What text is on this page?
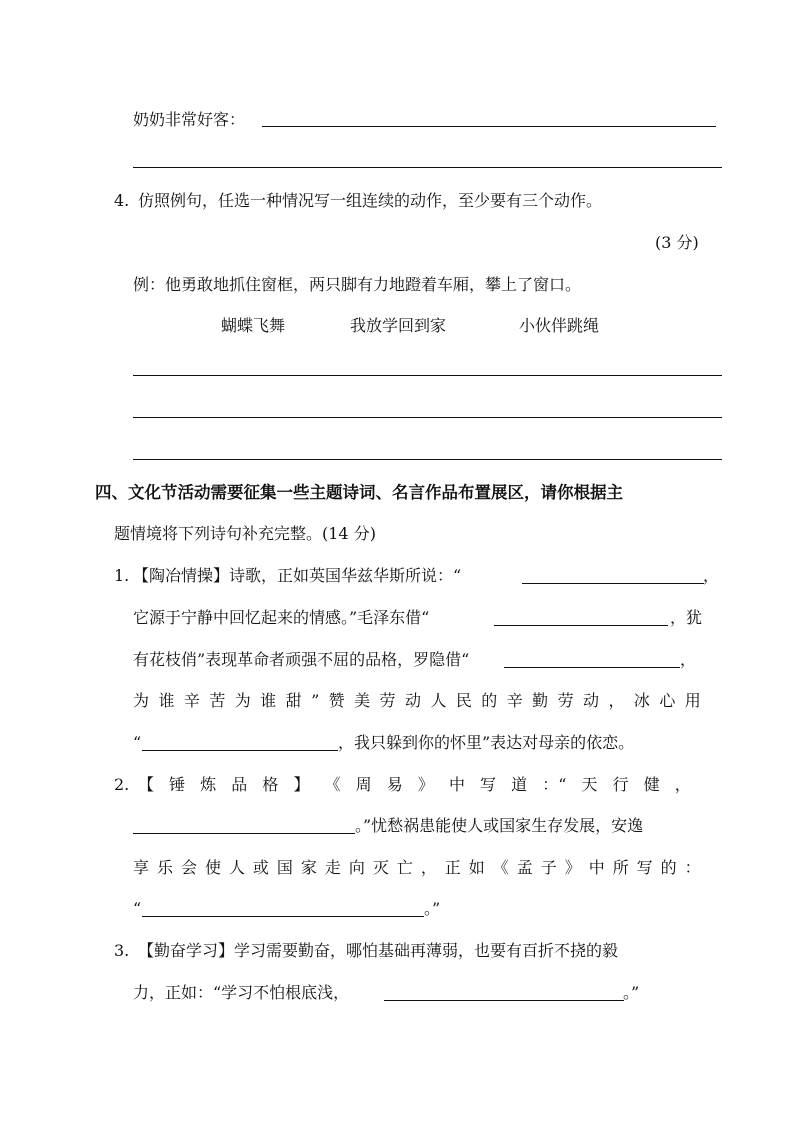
奶奶非常好客：
4. 仿照例句，任选一种情况写一组连续的动作，至少要有三个动作。
(3 分)
例：他勇敢地抓住窗框，两只脚有力地蹬着车厢，攀上了窗口。
蝴蝶飞舞	我放学回到家	小伙伴跳绳
四、文化节活动需要征集一些主题诗词、名言作品布置展区，请你根据主
题情境将下列诗句补充完整。(14 分)
1. 【陶冶情操】诗歌，正如英国华兹华斯所说：“	，
它源于宁静中回忆起来的情感。”毛泽东借“	，犹
有花枝俏”表现革命者顽强不屈的品格，罗隐借“	，
为 谁 辛 苦 为 谁 甜 ” 赞 美 劳 动 人 民 的 辛 勤 劳 动 ， 冰 心 用
“	，我只躲到你的怀里”表达对母亲的依恋。
2. 【 锤 炼 品 格 】 《 周 易 》 中 写 道 ：“ 天 行 健 ，
。”忧愁祸患能使人或国家生存发展，安逸
享 乐 会 使 人 或 国 家 走 向 灭 亡 ， 正 如 《 孟 子 》 中 所 写 的 ：
“	。”
3. 【勤奋学习】学习需要勤奋，哪怕基础再薄弱，也要有百折不挠的毅
力，正如：“学习不怕根底浅，	。”
